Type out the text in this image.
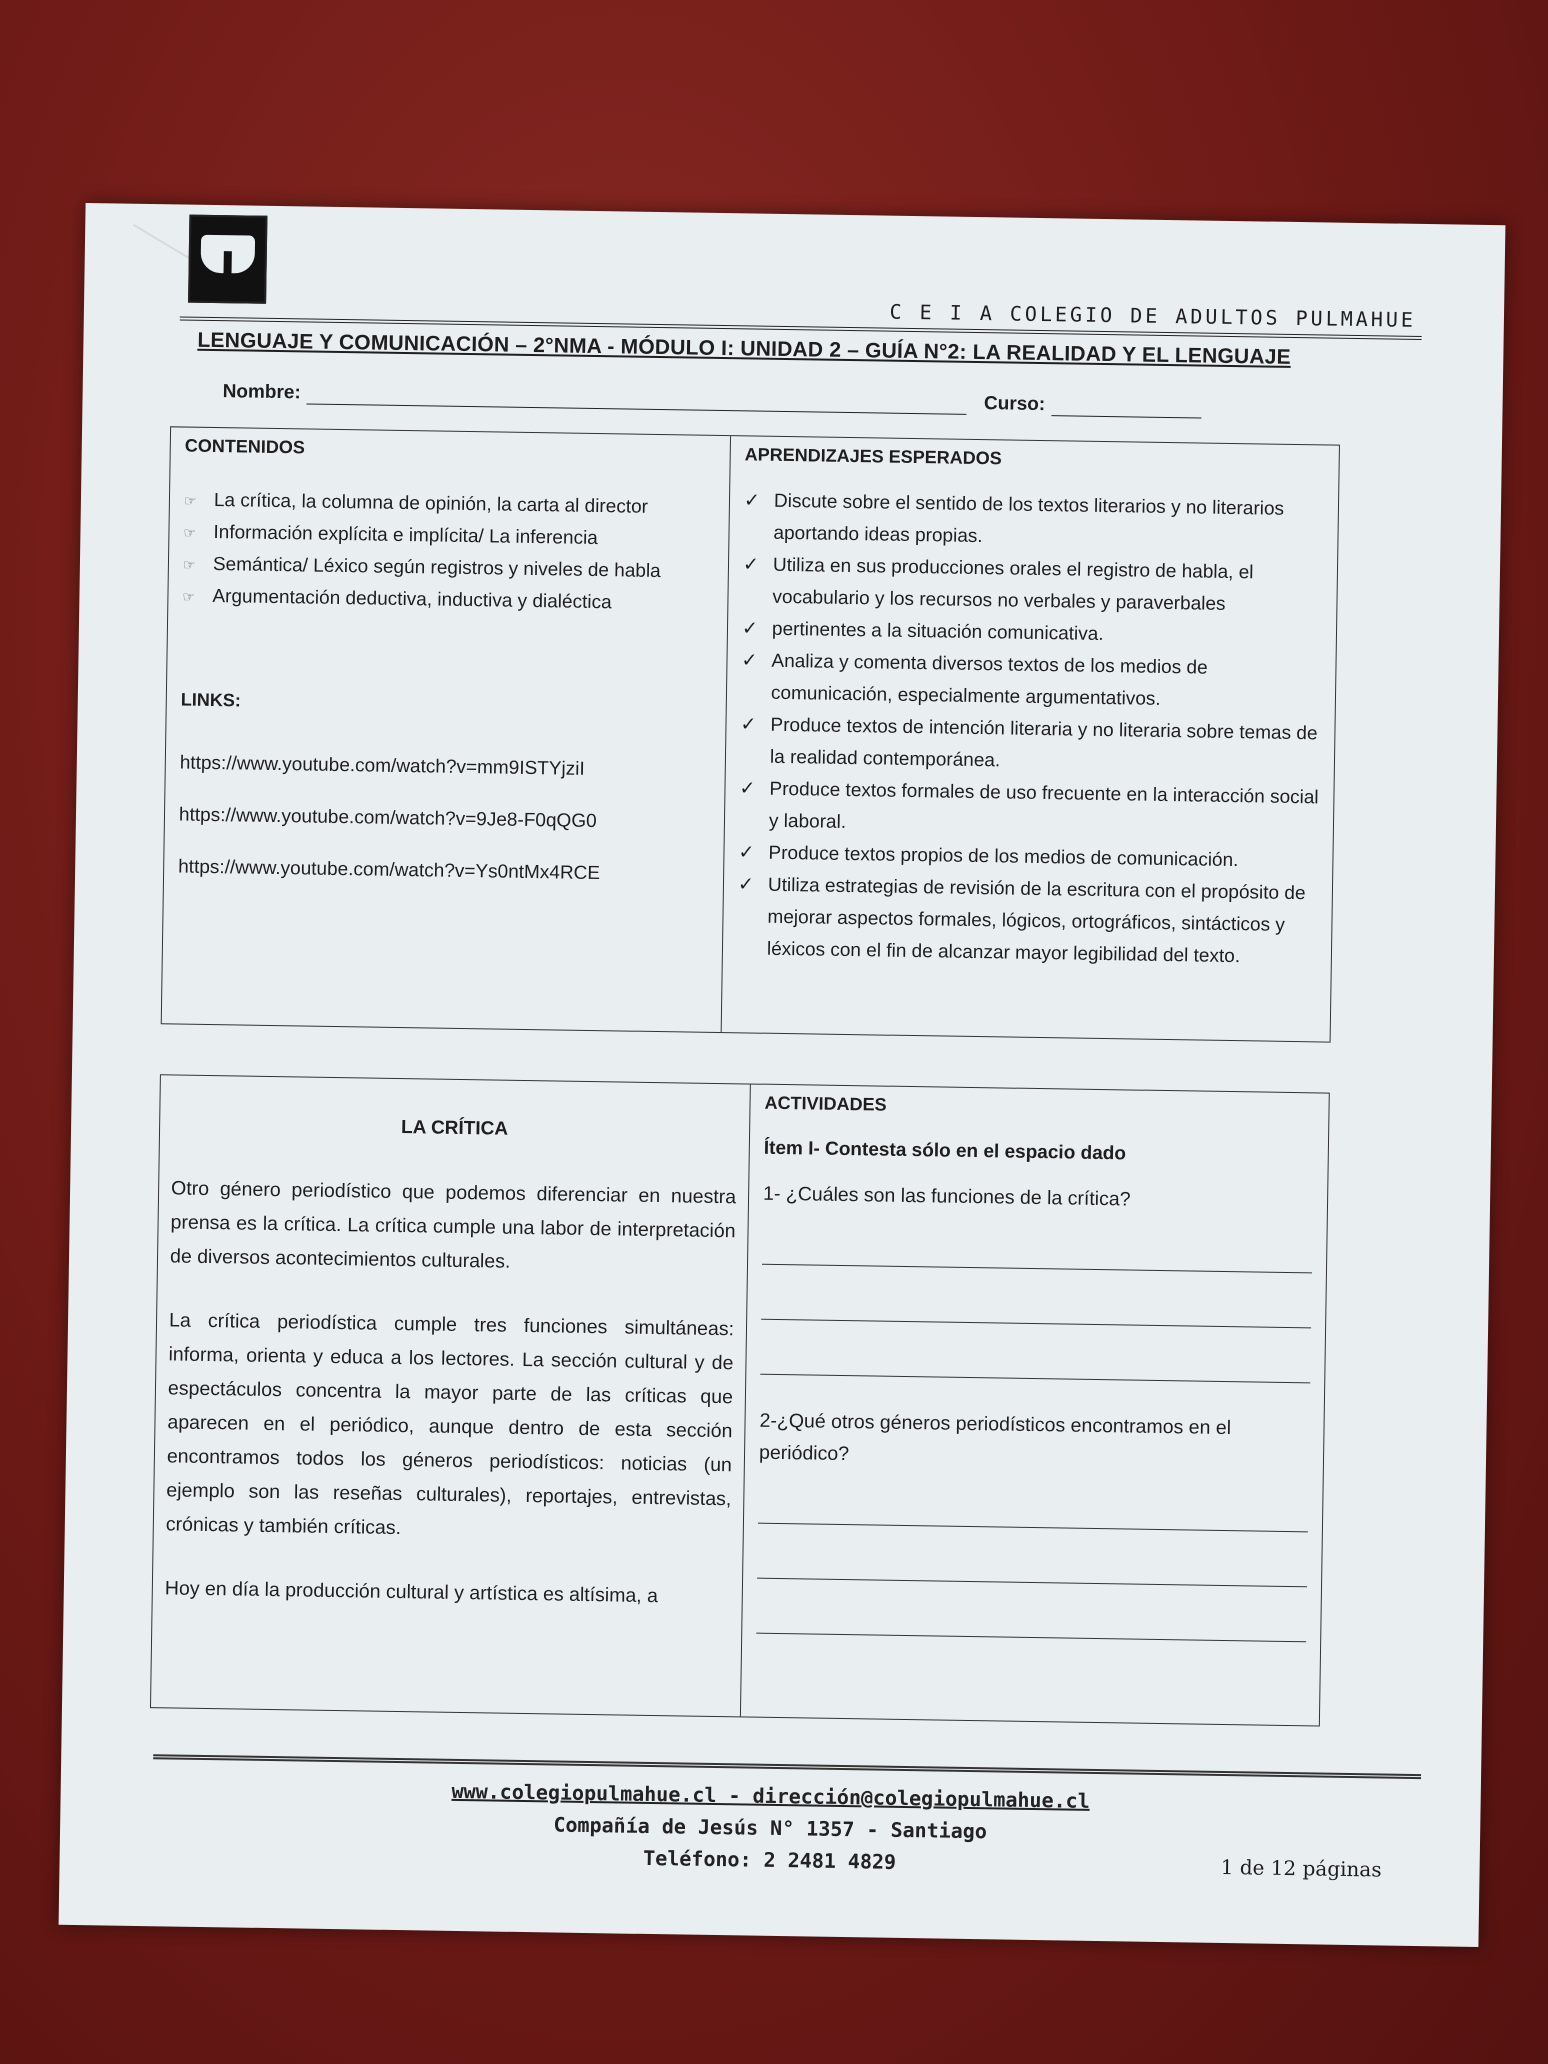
C E I A COLEGIO DE ADULTOS PULMAHUE
LENGUAJE Y COMUNICACIÓN – 2°NMA - MÓDULO I: UNIDAD 2 – GUÍA N°2: LA REALIDAD Y EL LENGUAJE
Nombre: Curso:
CONTENIDOS
☞ La crítica, la columna de opinión, la carta al director
☞ Información explícita e implícita/ La inferencia
☞ Semántica/ Léxico según registros y niveles de habla
☞ Argumentación deductiva, inductiva y dialéctica
LINKS:
https://www.youtube.com/watch?v=mm9ISTYjziI
https://www.youtube.com/watch?v=9Je8-F0qQG0
https://www.youtube.com/watch?v=Ys0ntMx4RCE
APRENDIZAJES ESPERADOS
✓ Discute sobre el sentido de los textos literarios y no literarios aportando ideas propias.
✓ Utiliza en sus producciones orales el registro de habla, el vocabulario y los recursos no verbales y paraverbales
✓ pertinentes a la situación comunicativa.
✓ Analiza y comenta diversos textos de los medios de comunicación, especialmente argumentativos.
✓ Produce textos de intención literaria y no literaria sobre temas de la realidad contemporánea.
✓ Produce textos formales de uso frecuente en la interacción social y laboral.
✓ Produce textos propios de los medios de comunicación.
✓ Utiliza estrategias de revisión de la escritura con el propósito de mejorar aspectos formales, lógicos, ortográficos, sintácticos y léxicos con el fin de alcanzar mayor legibilidad del texto.
LA CRÍTICA

Otro género periodístico que podemos diferenciar en nuestra prensa es la crítica. La crítica cumple una labor de interpretación de diversos acontecimientos culturales.

La crítica periodística cumple tres funciones simultáneas: informa, orienta y educa a los lectores. La sección cultural y de espectáculos concentra la mayor parte de las críticas que aparecen en el periódico, aunque dentro de esta sección encontramos todos los géneros periodísticos: noticias (un ejemplo son las reseñas culturales), reportajes, entrevistas, crónicas y también críticas.

Hoy en día la producción cultural y artística es altísima, a

ACTIVIDADES
Ítem I- Contesta sólo en el espacio dado
1- ¿Cuáles son las funciones de la crítica?
2-¿Qué otros géneros periodísticos encontramos en el periódico?
www.colegiopulmahue.cl - dirección@colegiopulmahue.cl
Compañía de Jesús N° 1357 - Santiago
Teléfono: 2 2481 4829	1 de 12 páginas
